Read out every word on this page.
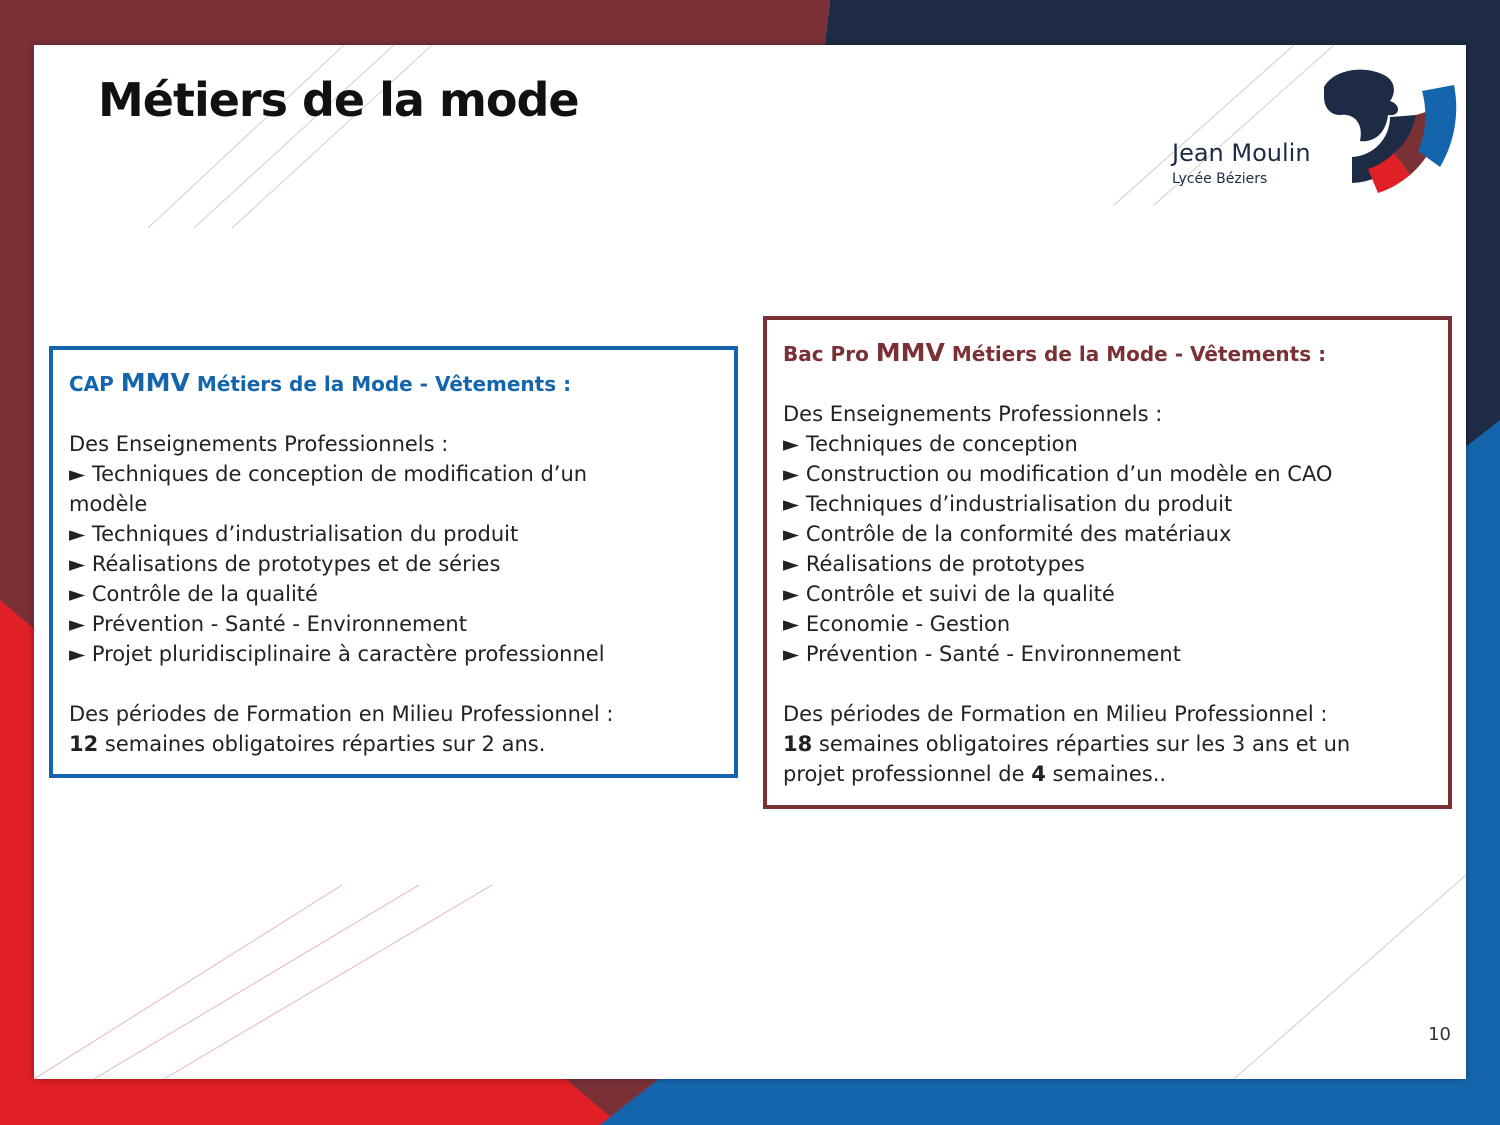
Métiers de la mode
Jean Moulin
Lycée Béziers
CAP MMV Métiers de la Mode - Vêtements :
Des Enseignements Professionnels :
► Techniques de conception de modification d’un
modèle
► Techniques d’industrialisation du produit
► Réalisations de prototypes et de séries
► Contrôle de la qualité
► Prévention - Santé - Environnement
► Projet pluridisciplinaire à caractère professionnel
Des périodes de Formation en Milieu Professionnel :
12 semaines obligatoires réparties sur 2 ans.
Bac Pro MMV Métiers de la Mode - Vêtements :
Des Enseignements Professionnels :
► Techniques de conception
► Construction ou modification d’un modèle en CAO
► Techniques d’industrialisation du produit
► Contrôle de la conformité des matériaux
► Réalisations de prototypes
► Contrôle et suivi de la qualité
► Economie - Gestion
► Prévention - Santé - Environnement
Des périodes de Formation en Milieu Professionnel :
18 semaines obligatoires réparties sur les 3 ans et un
projet professionnel de 4 semaines..
10
